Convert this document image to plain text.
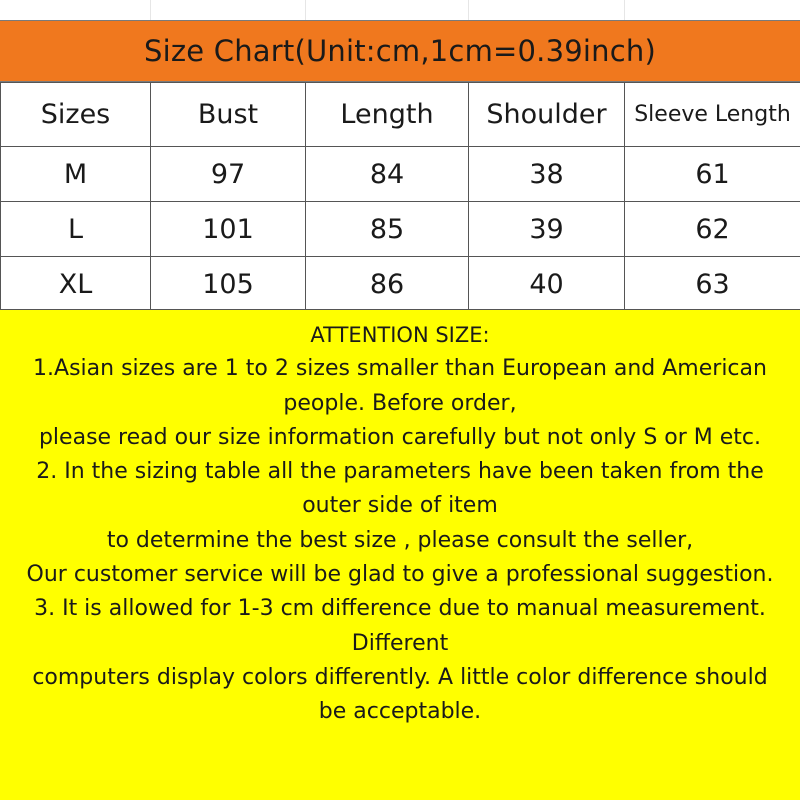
Size Chart(Unit:cm,1cm=0.39inch)
Sizes	Bust	Length	Shoulder	Sleeve Length
M	97	84	38	61
L	101	85	39	62
XL	105	86	40	63
ATTENTION SIZE:
1.Asian sizes are 1 to 2 sizes smaller than European and American
people. Before order,
please read our size information carefully but not only S or M etc.
2. In the sizing table all the parameters have been taken from the
outer side of item
to determine the best size , please consult the seller,
Our customer service will be glad to give a professional suggestion.
3. It is allowed for 1-3 cm difference due to manual measurement.
Different
computers display colors differently. A little color difference should
be acceptable.
